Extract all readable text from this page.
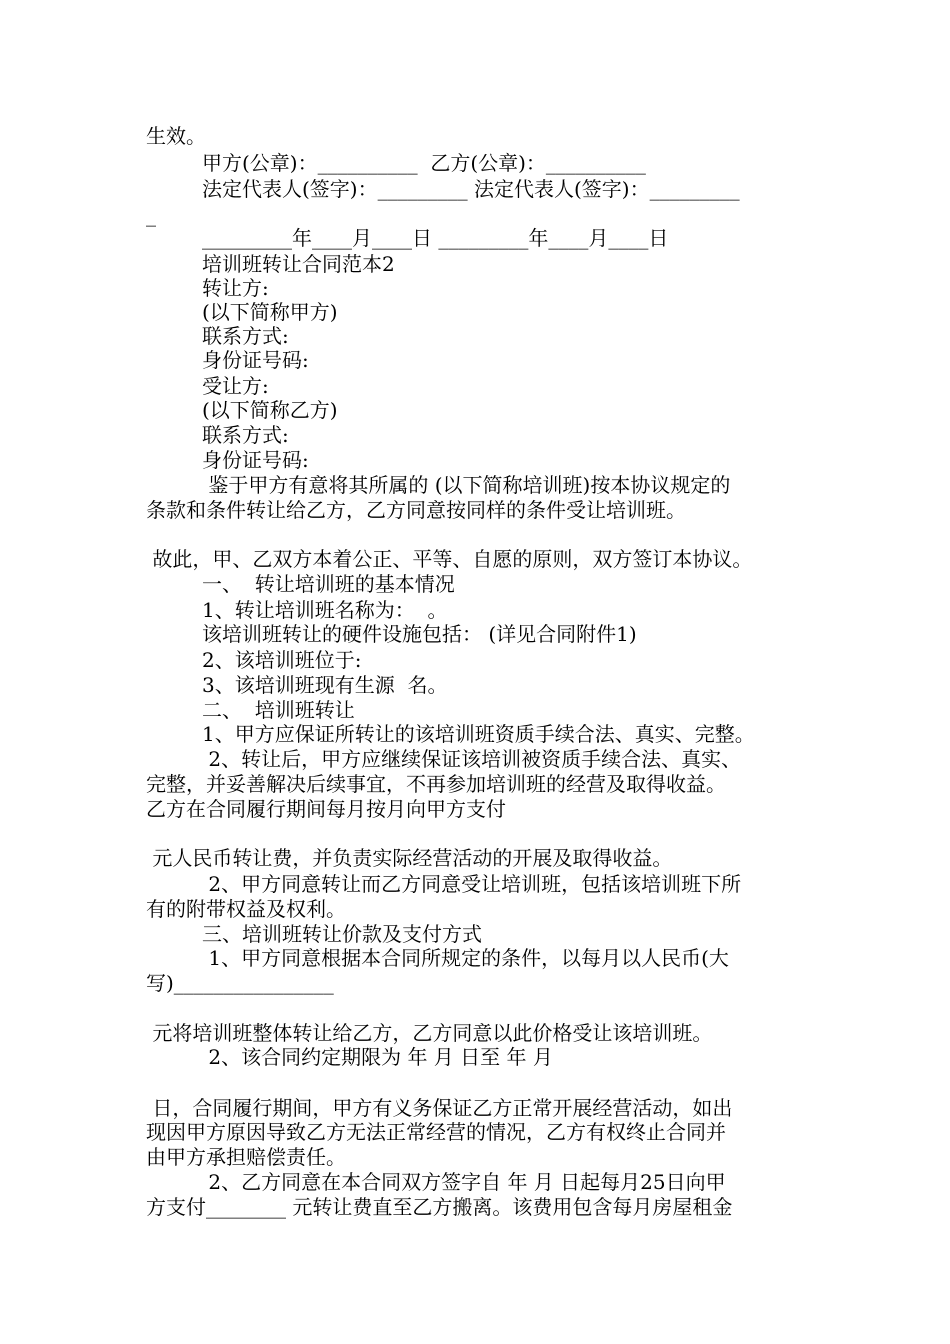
生效。
甲方(公章)：__________  乙方(公章)：__________
法定代表人(签字)：_________ 法定代表人(签字)：_________
_
_________年____月____日 _________年____月____日
培训班转让合同范本2
转让方:
(以下简称甲方)
联系方式:
身份证号码:
受让方:
(以下简称乙方)
联系方式:
身份证号码:
鉴于甲方有意将其所属的 (以下简称培训班)按本协议规定的
条款和条件转让给乙方，乙方同意按同样的条件受让培训班。
故此，甲、乙双方本着公正、平等、自愿的原则，双方签订本协议。
一、  转让培训班的基本情况
1、转让培训班名称为：  。
该培训班转让的硬件设施包括： (详见合同附件1)
2、该培训班位于:
3、该培训班现有生源  名。
二、  培训班转让
1、甲方应保证所转让的该培训班资质手续合法、真实、完整。
2、转让后，甲方应继续保证该培训被资质手续合法、真实、
完整，并妥善解决后续事宜，不再参加培训班的经营及取得收益。
乙方在合同履行期间每月按月向甲方支付
元人民币转让费，并负责实际经营活动的开展及取得收益。
2、甲方同意转让而乙方同意受让培训班，包括该培训班下所
有的附带权益及权利。
三、培训班转让价款及支付方式
1、甲方同意根据本合同所规定的条件，以每月以人民币(大
写)________________
元将培训班整体转让给乙方，乙方同意以此价格受让该培训班。
2、该合同约定期限为 年 月 日至 年 月
日，合同履行期间，甲方有义务保证乙方正常开展经营活动，如出
现因甲方原因导致乙方无法正常经营的情况，乙方有权终止合同并
由甲方承担赔偿责任。
2、乙方同意在本合同双方签字自 年 月 日起每月25日向甲
方支付________ 元转让费直至乙方搬离。该费用包含每月房屋租金
